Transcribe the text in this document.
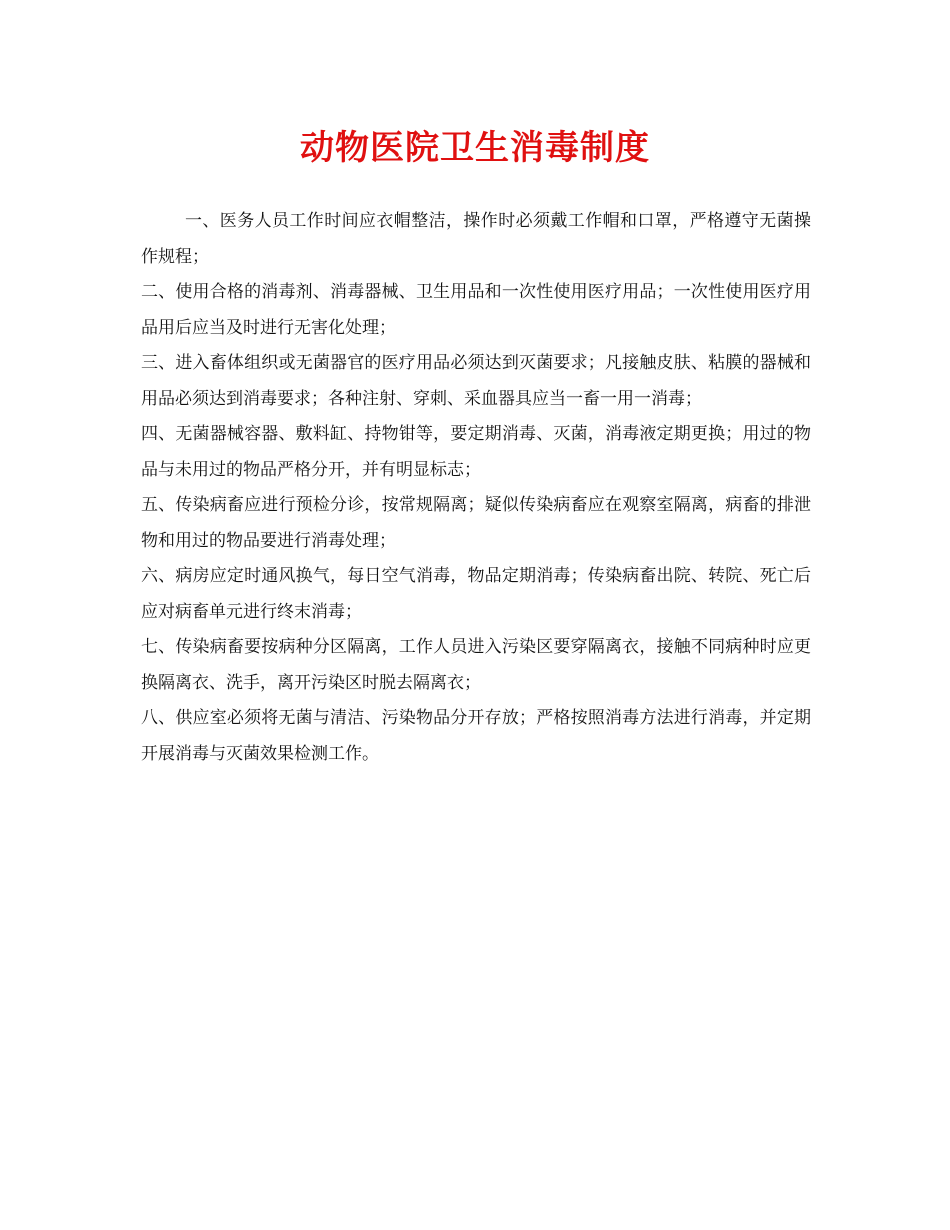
动物医院卫生消毒制度

一、医务人员工作时间应衣帽整洁，操作时必须戴工作帽和口罩，严格遵守无菌操作规程；

二、使用合格的消毒剂、消毒器械、卫生用品和一次性使用医疗用品；一次性使用医疗用品用后应当及时进行无害化处理；

三、进入畜体组织或无菌器官的医疗用品必须达到灭菌要求；凡接触皮肤、粘膜的器械和用品必须达到消毒要求；各种注射、穿刺、采血器具应当一畜一用一消毒；

四、无菌器械容器、敷料缸、持物钳等，要定期消毒、灭菌，消毒液定期更换；用过的物品与未用过的物品严格分开，并有明显标志；

五、传染病畜应进行预检分诊，按常规隔离；疑似传染病畜应在观察室隔离，病畜的排泄物和用过的物品要进行消毒处理；

六、病房应定时通风换气，每日空气消毒，物品定期消毒；传染病畜出院、转院、死亡后应对病畜单元进行终末消毒；

七、传染病畜要按病种分区隔离，工作人员进入污染区要穿隔离衣，接触不同病种时应更换隔离衣、洗手，离开污染区时脱去隔离衣；

八、供应室必须将无菌与清洁、污染物品分开存放；严格按照消毒方法进行消毒，并定期开展消毒与灭菌效果检测工作。
